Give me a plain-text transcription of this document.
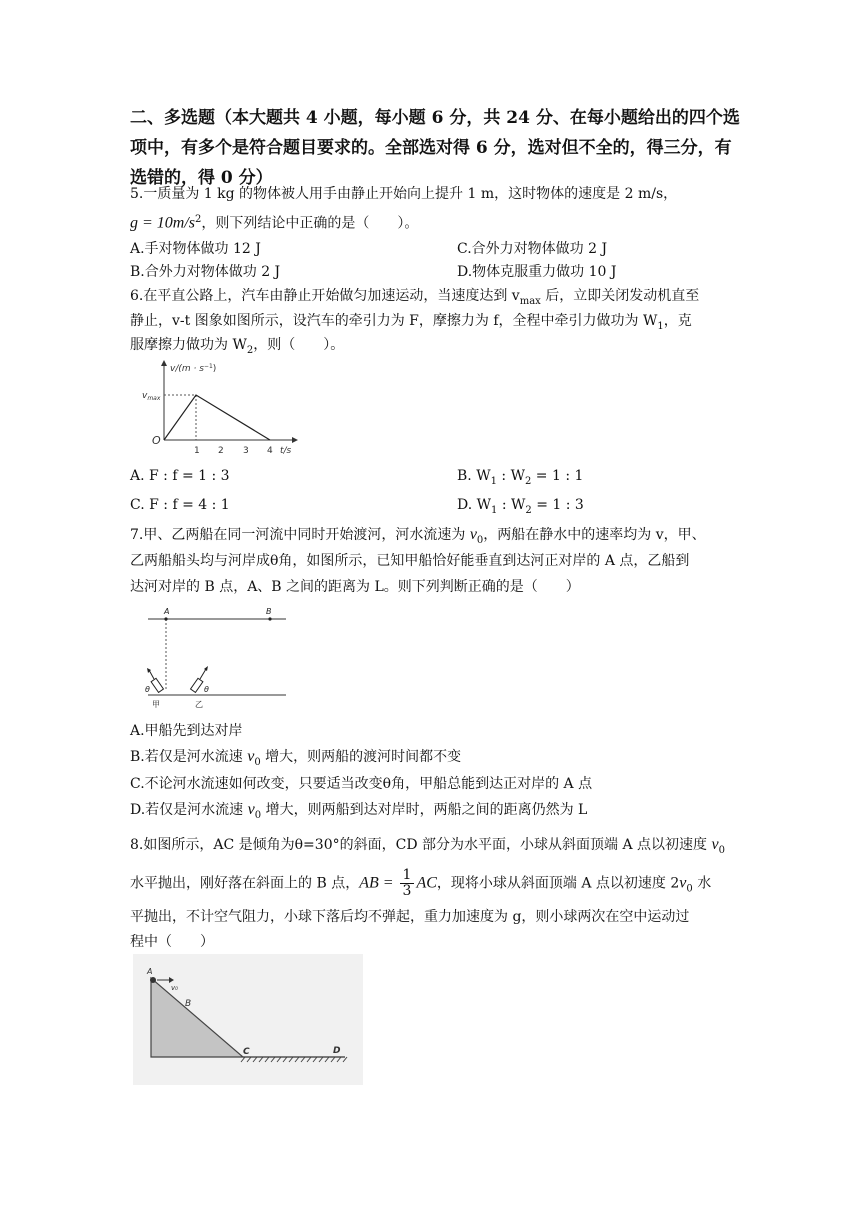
二、多选题（本大题共 4 小题，每小题 6 分，共 24 分、在每小题给出的四个选项中，有多个是符合题目要求的。全部选对得 6 分，选对但不全的，得三分，有选错的，得 0 分）
5.一质量为 1 kg 的物体被人用手由静止开始向上提升 1 m，这时物体的速度是 2 m/s，
$g = 10m/s^2$，则下列结论中正确的是（　　）。
A.手对物体做功 12 J	C.合外力对物体做功 2 J
B.合外力对物体做功 2 J	D.物体克服重力做功 10 J
6.在平直公路上，汽车由静止开始做匀加速运动，当速度达到 $v_{max}$ 后，立即关闭发动机直至
静止，v-t 图象如图所示，设汽车的牵引力为 F，摩擦力为 f，全程中牵引力做功为 $W_1$，克
服摩擦力做功为 $W_2$，则（　　）。
$v/(m \cdot s^{-1})$
$v_{max}$
O
1 2 3 4 t/s
A. F : f = 1 : 3	B. $W_1$ : $W_2 = 1$ : 1
C. F : f = 4 : 1	D. $W_1$ : $W_2 = 1$ : 3
7.甲、乙两船在同一河流中同时开始渡河，河水流速为 $v_0$，两船在静水中的速率均为 v，甲、
乙两船船头均与河岸成θ角，如图所示，已知甲船恰好能垂直到达河正对岸的 A 点，乙船到
达河对岸的 B 点，A、B 之间的距离为 L。则下列判断正确的是（　　）
A	B
θ	θ
甲	乙
A.甲船先到达对岸
B.若仅是河水流速 $v_0$ 增大，则两船的渡河时间都不变
C.不论河水流速如何改变，只要适当改变θ角，甲船总能到达正对岸的 A 点
D.若仅是河水流速 $v_0$ 增大，则两船到达对岸时，两船之间的距离仍然为 L
8.如图所示，AC 是倾角为θ=30°的斜面，CD 部分为水平面，小球从斜面顶端 A 点以初速度 $v_0$
水平抛出，刚好落在斜面上的 B 点，AB = $\frac{1}{3}$ AC，现将小球从斜面顶端 A 点以初速度 $2v_0$ 水
平抛出，不计空气阻力，小球下落后均不弹起，重力加速度为 g，则小球两次在空中运动过
程中（　　）
A
v₀
B
C	D
